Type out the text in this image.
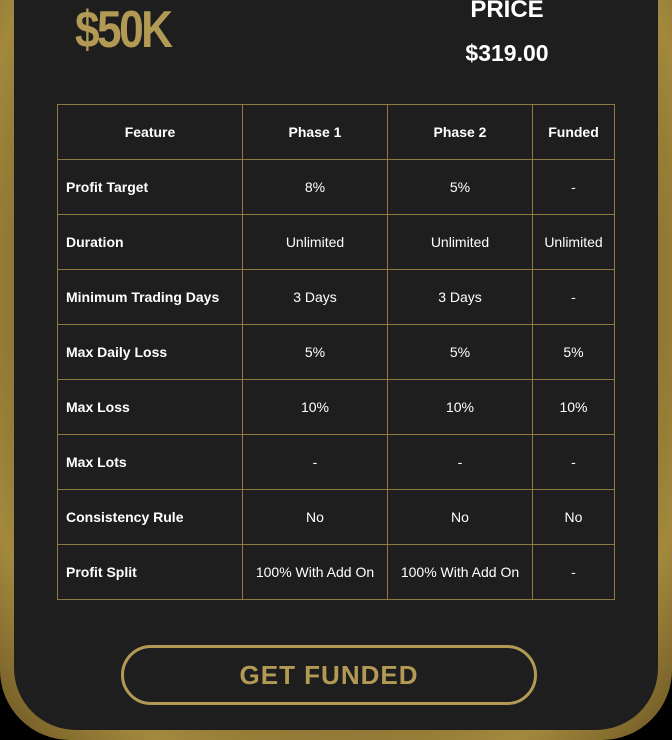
$50K	PRICE
$319.00
Feature	Phase 1	Phase 2	Funded
Profit Target	8%	5%	-
Duration	Unlimited	Unlimited	Unlimited
Minimum Trading Days	3 Days	3 Days	-
Max Daily Loss	5%	5%	5%
Max Loss	10%	10%	10%
Max Lots	-	-	-
Consistency Rule	No	No	No
Profit Split	100% With Add On	100% With Add On	-
GET FUNDED
